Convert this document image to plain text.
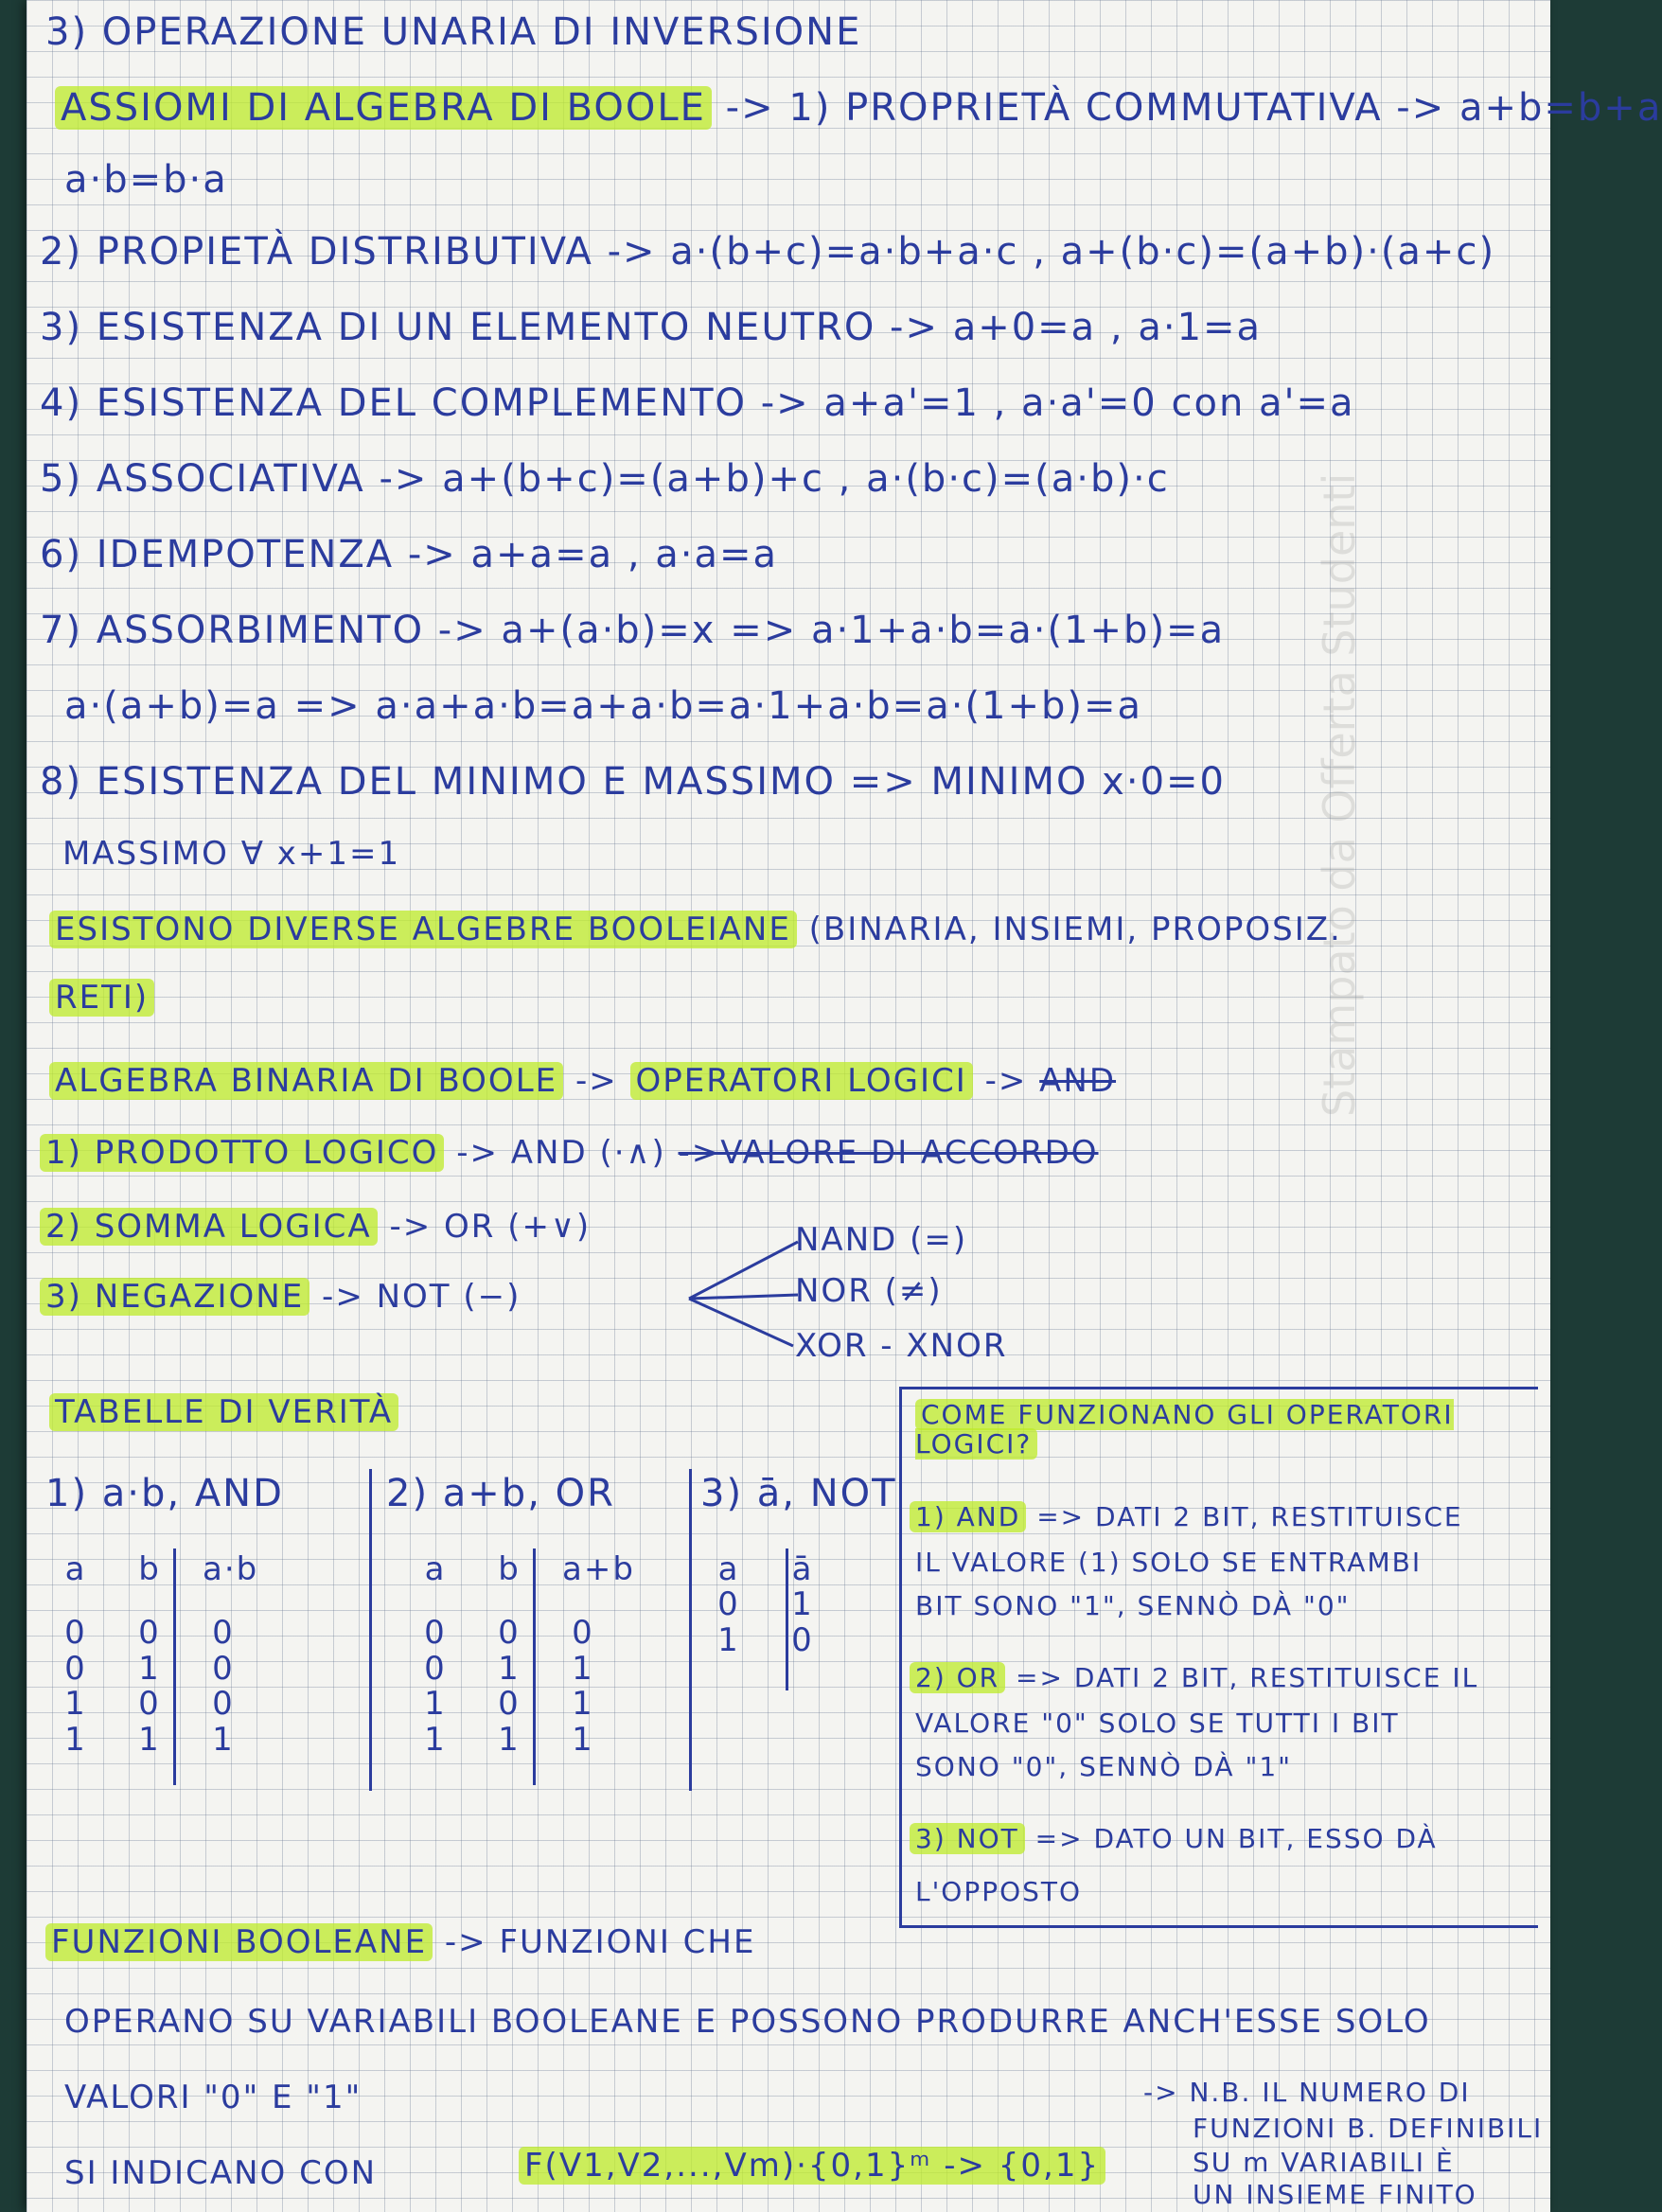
3) OPERAZIONE UNARIA DI INVERSIONE
ASSIOMI DI ALGEBRA DI BOOLE -> 1) PROPRIETÀ COMMUTATIVA -> a+b=b+a
a·b=b·a
2) PROPIETÀ DISTRIBUTIVA -> a·(b+c)=a·b+a·c , a+(b·c)=(a+b)·(a+c)
3) ESISTENZA DI UN ELEMENTO NEUTRO -> a+0=a , a·1=a
4) ESISTENZA DEL COMPLEMENTO -> a+a'=1 , a·a'=0 con a'=a
5) ASSOCIATIVA -> a+(b+c)=(a+b)+c , a·(b·c)=(a·b)·c
6) IDEMPOTENZA -> a+a=a , a·a=a
7) ASSORBIMENTO -> a+(a·b)=x => a·1+a·b=a·(1+b)=a
a·(a+b)=a => a·a+a·b=a+a·b=a·1+a·b=a·(1+b)=a
8) ESISTENZA DEL MINIMO E MASSIMO => MINIMO x·0=0
MASSIMO ∀ x+1=1
ESISTONO DIVERSE ALGEBRE BOOLEIANE (BINARIA, INSIEMI, PROPOSIZ.
RETI)
ALGEBRA BINARIA DI BOOLE -> OPERATORI LOGICI -> AND
1) PRODOTTO LOGICO -> AND (·∧) ->VALORE DI ACCORDO
2) SOMMA LOGICA -> OR (+∨)
3) NEGAZIONE -> NOT (−)
NAND (=)
NOR (≠)
XOR - XNOR
TABELLE DI VERITÀ
1) a·b, AND
a	b	a·b
0 0 0
0 1 0
1 0 0
1 1 1
2) a+b, OR
a	b	a+b
0 0 0
0 1 1
1 0 1
1 1 1
3) ā, NOT
a	ā
0 1
1 0
COME FUNZIONANO GLI OPERATORI LOGICI?
1) AND => DATI 2 BIT, RESTITUISCE
IL VALORE (1) SOLO SE ENTRAMBI
BIT SONO "1", SENNÒ DÀ "0"
2) OR => DATI 2 BIT, RESTITUISCE IL
VALORE "0" SOLO SE TUTTI I BIT
SONO "0", SENNÒ DÀ "1"
3) NOT => DATO UN BIT, ESSO DÀ
L'OPPOSTO
FUNZIONI BOOLEANE -> FUNZIONI CHE
OPERANO SU VARIABILI BOOLEANE E POSSONO PRODURRE ANCH'ESSE SOLO
VALORI "0" E "1"
SI INDICANO CON	F(V1,V2,...,Vm)·{0,1}ᵐ -> {0,1}
-> N.B. IL NUMERO DI
FUNZIONI B. DEFINIBILI
SU m VARIABILI È
UN INSIEME FINITO
Stampato da Offerta Studenti
